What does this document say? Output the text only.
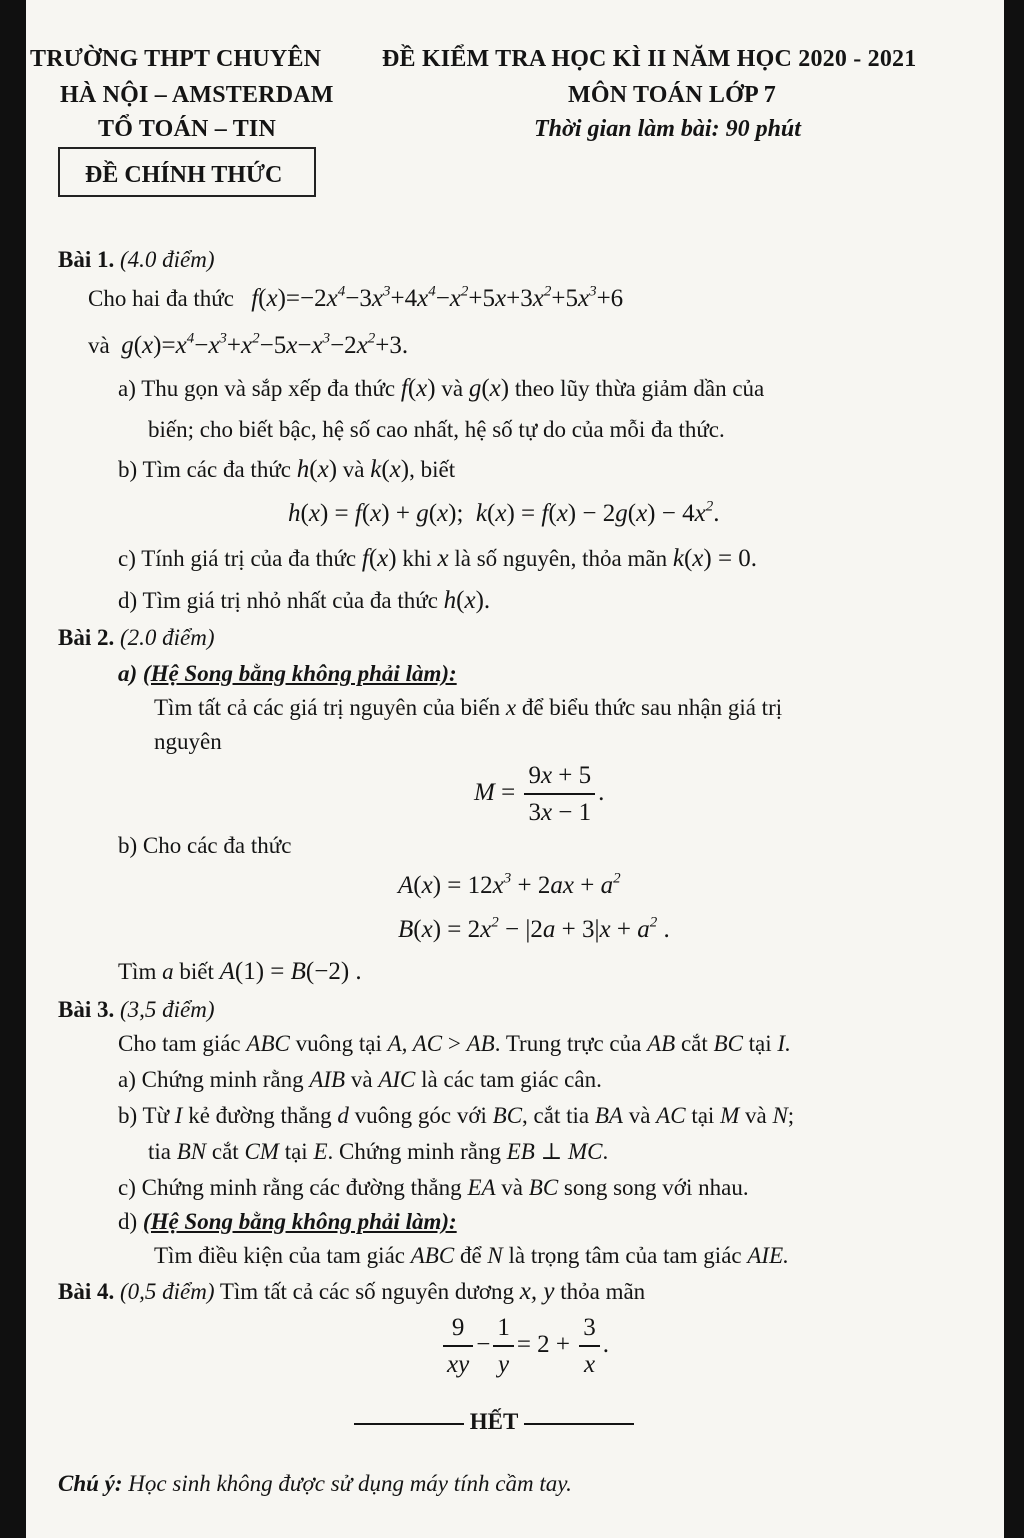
TRƯỜNG THPT CHUYÊN
HÀ NỘI – AMSTERDAM
TỔ TOÁN – TIN
ĐỀ KIỂM TRA HỌC KÌ II NĂM HỌC 2020 - 2021
MÔN TOÁN LỚP 7
Thời gian làm bài: 90 phút
ĐỀ CHÍNH THỨC
Bài 1. (4.0 điểm)
Cho hai đa thức $f(x)=-2x^4-3x^3+4x^4-x^2+5x+3x^2+5x^3+6$
và $g(x)=x^4-x^3+x^2-5x-x^3-2x^2+3$.
a) Thu gọn và sắp xếp đa thức f(x) và g(x) theo lũy thừa giảm dần của
biến; cho biết bậc, hệ số cao nhất, hệ số tự do của mỗi đa thức.
b) Tìm các đa thức h(x) và k(x), biết
h(x) = f(x) + g(x);  $k(x) = f(x) - 2g(x) - 4x^2$.
c) Tính giá trị của đa thức f(x) khi x là số nguyên, thỏa mãn k(x) = 0.
d) Tìm giá trị nhỏ nhất của đa thức h(x).
Bài 2. (2.0 điểm)
a) (Hệ Song bằng không phải làm):
Tìm tất cả các giá trị nguyên của biến x để biểu thức sau nhận giá trị
nguyên
$M = \frac{9x + 5}{3x - 1}$ .
b) Cho các đa thức
$A(x) = 12x^3 + 2ax + a^2$
$B(x) = 2x^2 - |2a + 3|x + a^2$ .
Tìm a biết A(1) = B(−2) .
Bài 3. (3,5 điểm)
Cho tam giác ABC vuông tại A, AC > AB. Trung trực của AB cắt BC tại I.
a) Chứng minh rằng AIB và AIC là các tam giác cân.
b) Từ I kẻ đường thẳng d vuông góc với BC, cắt tia BA và AC tại M và N;
tia BN cắt CM tại E. Chứng minh rằng EB ⊥ MC.
c) Chứng minh rằng các đường thẳng EA và BC song song với nhau.
d) (Hệ Song bằng không phải làm):
Tìm điều kiện của tam giác ABC để N là trọng tâm của tam giác AIE.
Bài 4. (0,5 điểm) Tìm tất cả các số nguyên dương x, y thỏa mãn
$\frac{9}{xy} - \frac{1}{y} = 2 + \frac{3}{x}$ .
HẾT
Chú ý: Học sinh không được sử dụng máy tính cầm tay.
